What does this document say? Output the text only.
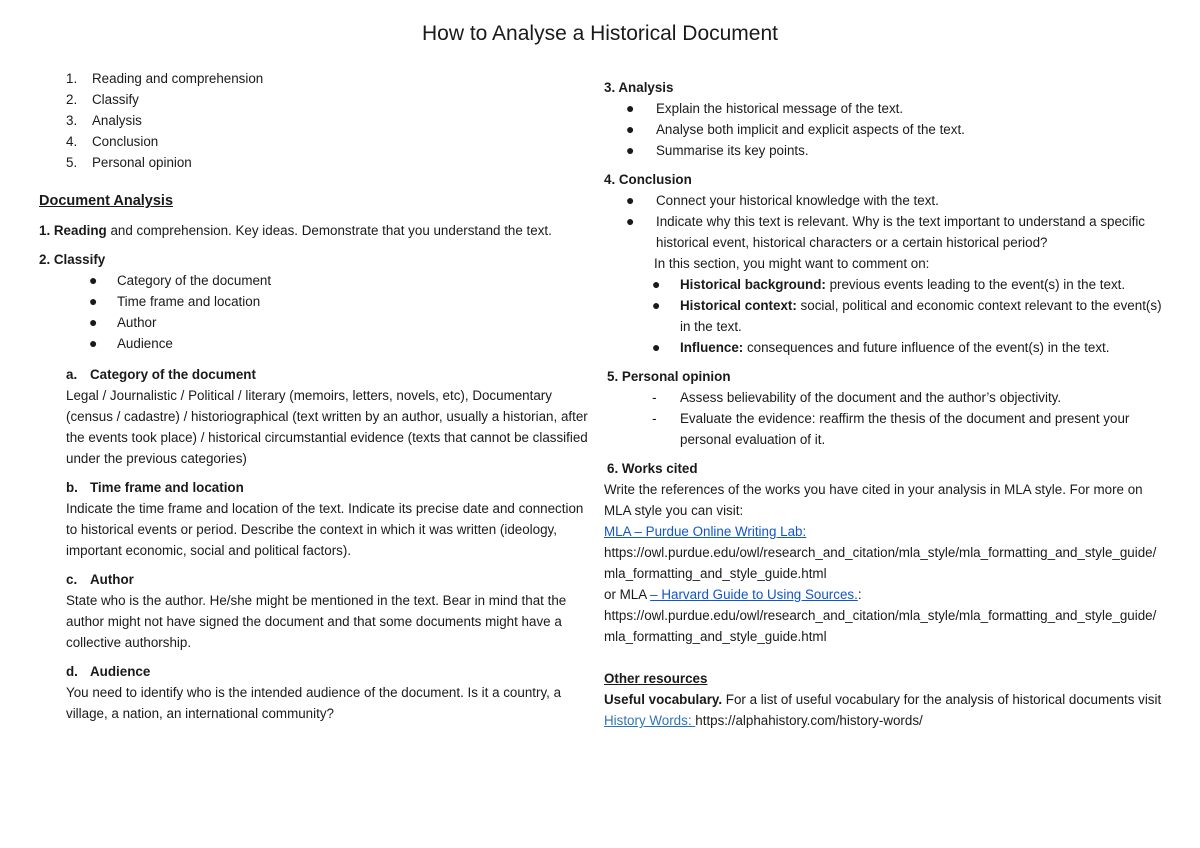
How to Analyse a Historical Document
1. Reading and comprehension
2. Classify
3. Analysis
4. Conclusion
5. Personal opinion
Document Analysis
1. Reading and comprehension. Key ideas. Demonstrate that you understand the text.
2. Classify
● Category of the document
● Time frame and location
● Author
● Audience
a. Category of the document
Legal / Journalistic / Political / literary (memoirs, letters, novels, etc), Documentary (census / cadastre) / historiographical (text written by an author, usually a historian, after the events took place) / historical circumstantial evidence (texts that cannot be classified under the previous categories)
b. Time frame and location
Indicate the time frame and location of the text. Indicate its precise date and connection to historical events or period. Describe the context in which it was written (ideology, important economic, social and political factors).
c. Author
State who is the author. He/she might be mentioned in the text. Bear in mind that the author might not have signed the document and that some documents might have a collective authorship.
d. Audience
You need to identify who is the intended audience of the document. Is it a country, a village, a nation, an international community?
3. Analysis
● Explain the historical message of the text.
● Analyse both implicit and explicit aspects of the text.
● Summarise its key points.
4. Conclusion
● Connect your historical knowledge with the text.
● Indicate why this text is relevant. Why is the text important to understand a specific historical event, historical characters or a certain historical period?
In this section, you might want to comment on:
● Historical background: previous events leading to the event(s) in the text.
● Historical context: social, political and economic context relevant to the event(s) in the text.
● Influence: consequences and future influence of the event(s) in the text.
5. Personal opinion
- Assess believability of the document and the author’s objectivity.
- Evaluate the evidence: reaffirm the thesis of the document and present your personal evaluation of it.
6. Works cited
Write the references of the works you have cited in your analysis in MLA style. For more on MLA style you can visit:
MLA – Purdue Online Writing Lab:
https://owl.purdue.edu/owl/research_and_citation/mla_style/mla_formatting_and_style_guide/mla_formatting_and_style_guide.html
or MLA – Harvard Guide to Using Sources.:
https://owl.purdue.edu/owl/research_and_citation/mla_style/mla_formatting_and_style_guide/mla_formatting_and_style_guide.html
Other resources
Useful vocabulary. For a list of useful vocabulary for the analysis of historical documents visit
History Words: https://alphahistory.com/history-words/
